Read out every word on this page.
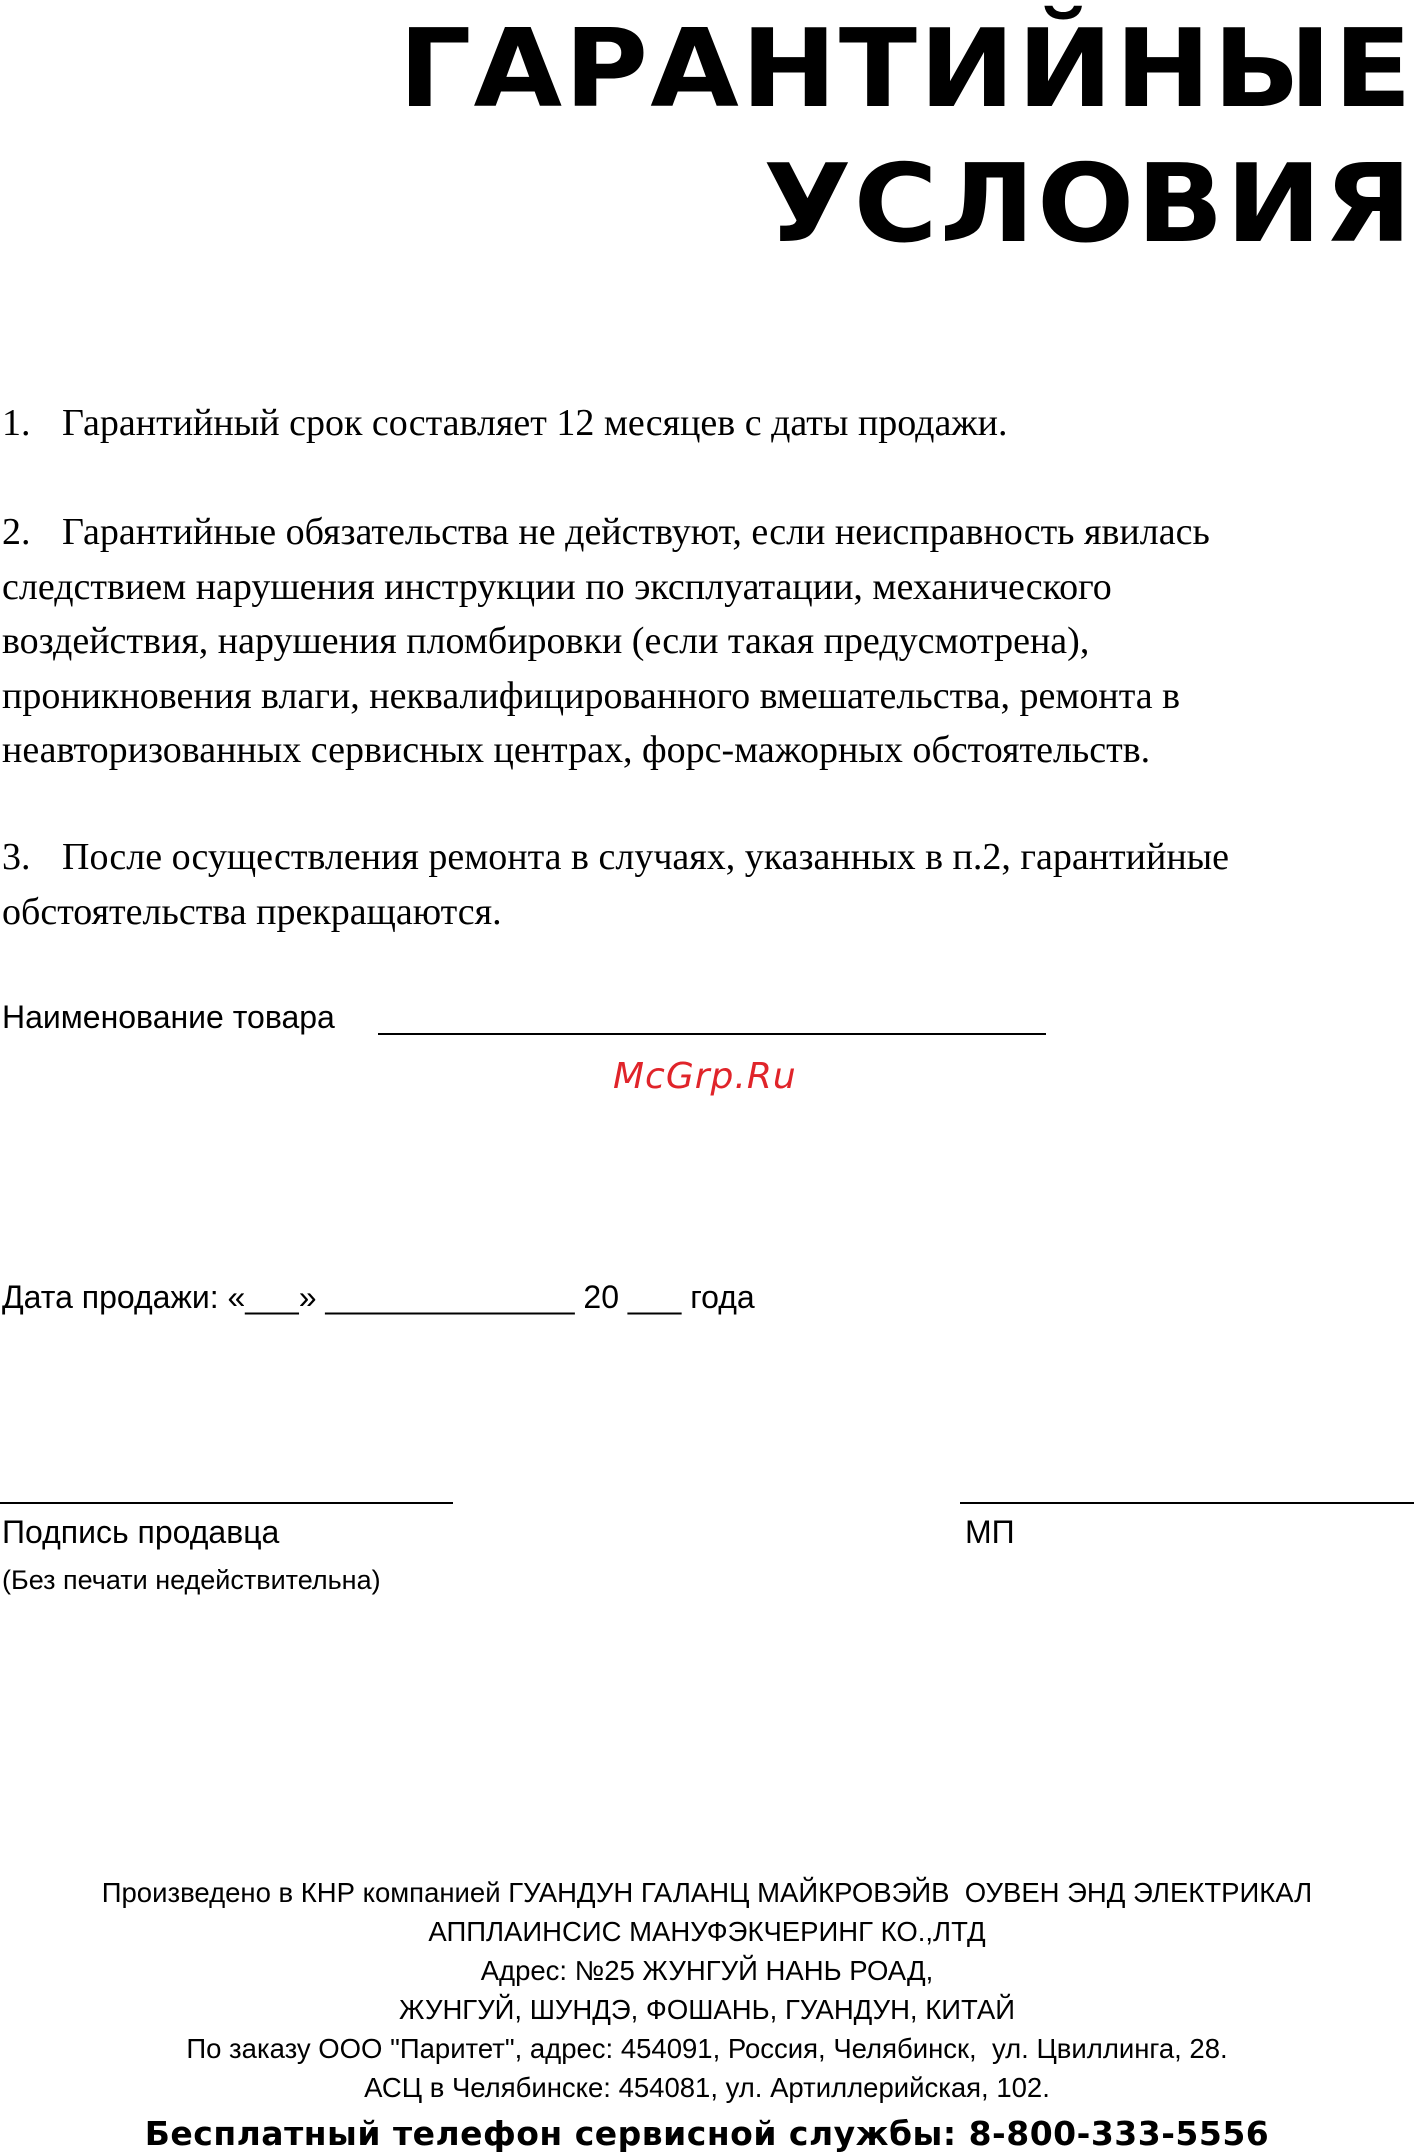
ГАРАНТИЙНЫЕ
УСЛОВИЯ
1. Гарантийный срок составляет 12 месяцев с даты продажи.
2. Гарантийные обязательства не действуют, если неисправность явилась
следствием нарушения инструкции по эксплуатации, механического
воздействия, нарушения пломбировки (если такая предусмотрена),
проникновения влаги, неквалифицированного вмешательства, ремонта в
неавторизованных сервисных центрах, форс-мажорных обстоятельств.
3. После осуществления ремонта в случаях, указанных в п.2, гарантийные
обстоятельства прекращаются.
Наименование товара
McGrp.Ru
Дата продажи: «___» ______________ 20 ___ года
Подпись продавца	МП
(Без печати недействительна)
Произведено в КНР компанией ГУАНДУН ГАЛАНЦ МАЙКРОВЭЙВ  ОУВЕН ЭНД ЭЛЕКТРИКАЛ
АППЛАИНСИС МАНУФЭКЧЕРИНГ КО.,ЛТД
Адрес: №25 ЖУНГУЙ НАНЬ РОАД,
ЖУНГУЙ, ШУНДЭ, ФОШАНЬ, ГУАНДУН, КИТАЙ
По заказу ООО "Паритет", адрес: 454091, Россия, Челябинск,  ул. Цвиллинга, 28.
АСЦ в Челябинске: 454081, ул. Артиллерийская, 102.
Бесплатный телефон сервисной службы: 8-800-333-5556
